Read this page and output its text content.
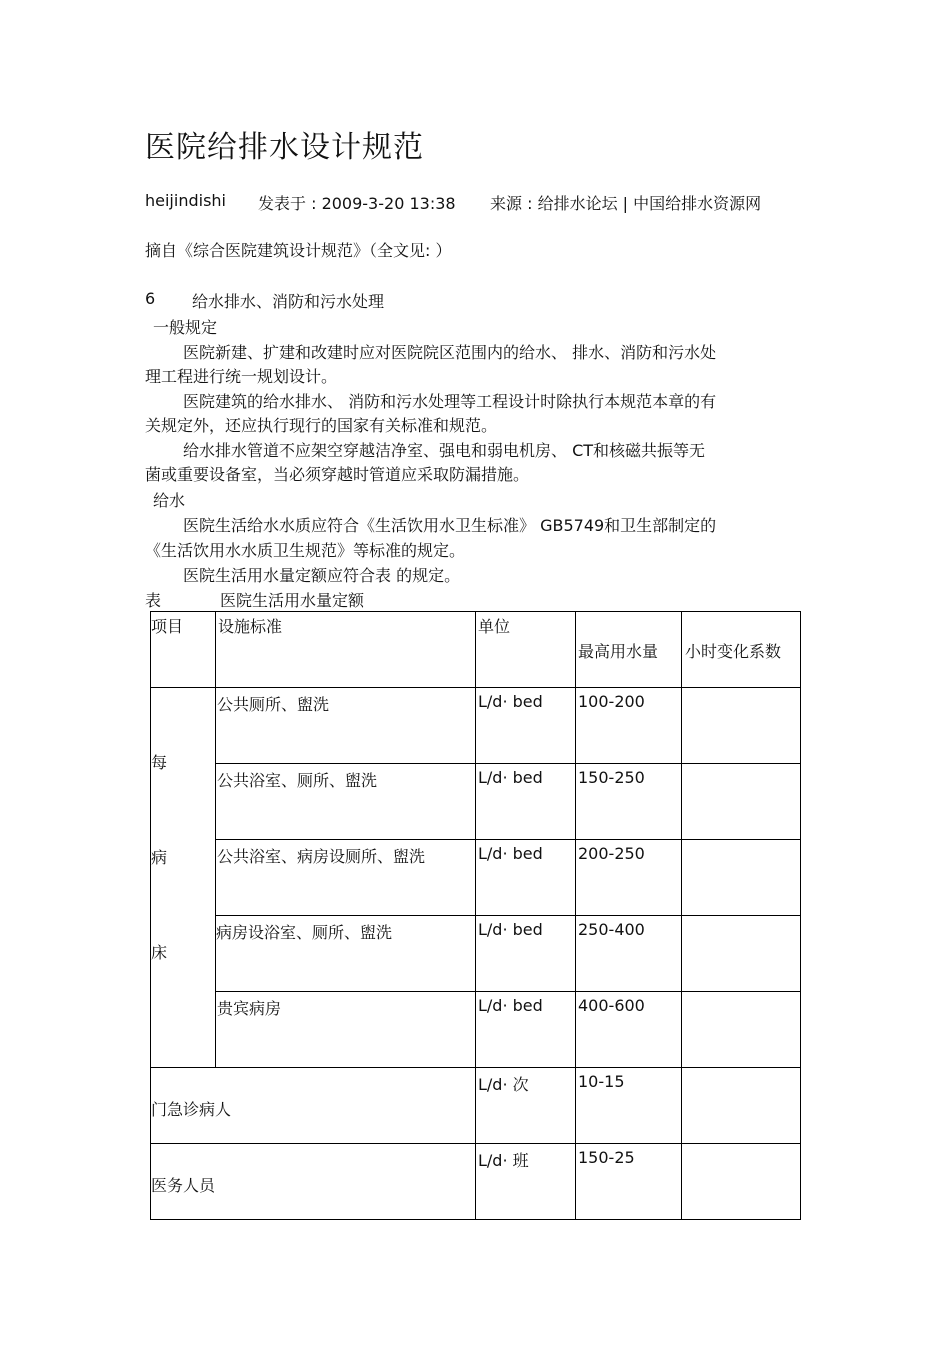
医院给排水设计规范
heijindishi 发表于 : 2009-3-20 13:38 来源 : 给排水论坛 | 中国给排水资源网
摘自《综合医院建筑设计规范》（全文见: ）
6 给水排水、消防和污水处理
一般规定
医院新建、扩建和改建时应对医院院区范围内的给水、 排水、消防和污水处
理工程进行统一规划设计。
医院建筑的给水排水、 消防和污水处理等工程设计时除执行本规范本章的有
关规定外，还应执行现行的国家有关标准和规范。
给水排水管道不应架空穿越洁净室、强电和弱电机房、 CT和核磁共振等无
菌或重要设备室，当必须穿越时管道应采取防漏措施。
给水
医院生活给水水质应符合《生活饮用水卫生标准》 GB5749和卫生部制定的
《生活饮用水水质卫生规范》等标准的规定。
医院生活用水量定额应符合表 的规定。
表	医院生活用水量定额
项目	设施标准	单位	最高用水量	小时变化系数

每
病
床	公共厕所、盥洗	L/d· bed	100-200	

	公共浴室、厕所、盥洗	L/d· bed	150-250	

	公共浴室、病房设厕所、盥洗	L/d· bed	200-250	

	病房设浴室、厕所、盥洗	L/d· bed	250-400	

	贵宾病房	L/d· bed	400-600	

门急诊病人		L/d· 次	10-15	

医务人员		L/d· 班	150-25	
